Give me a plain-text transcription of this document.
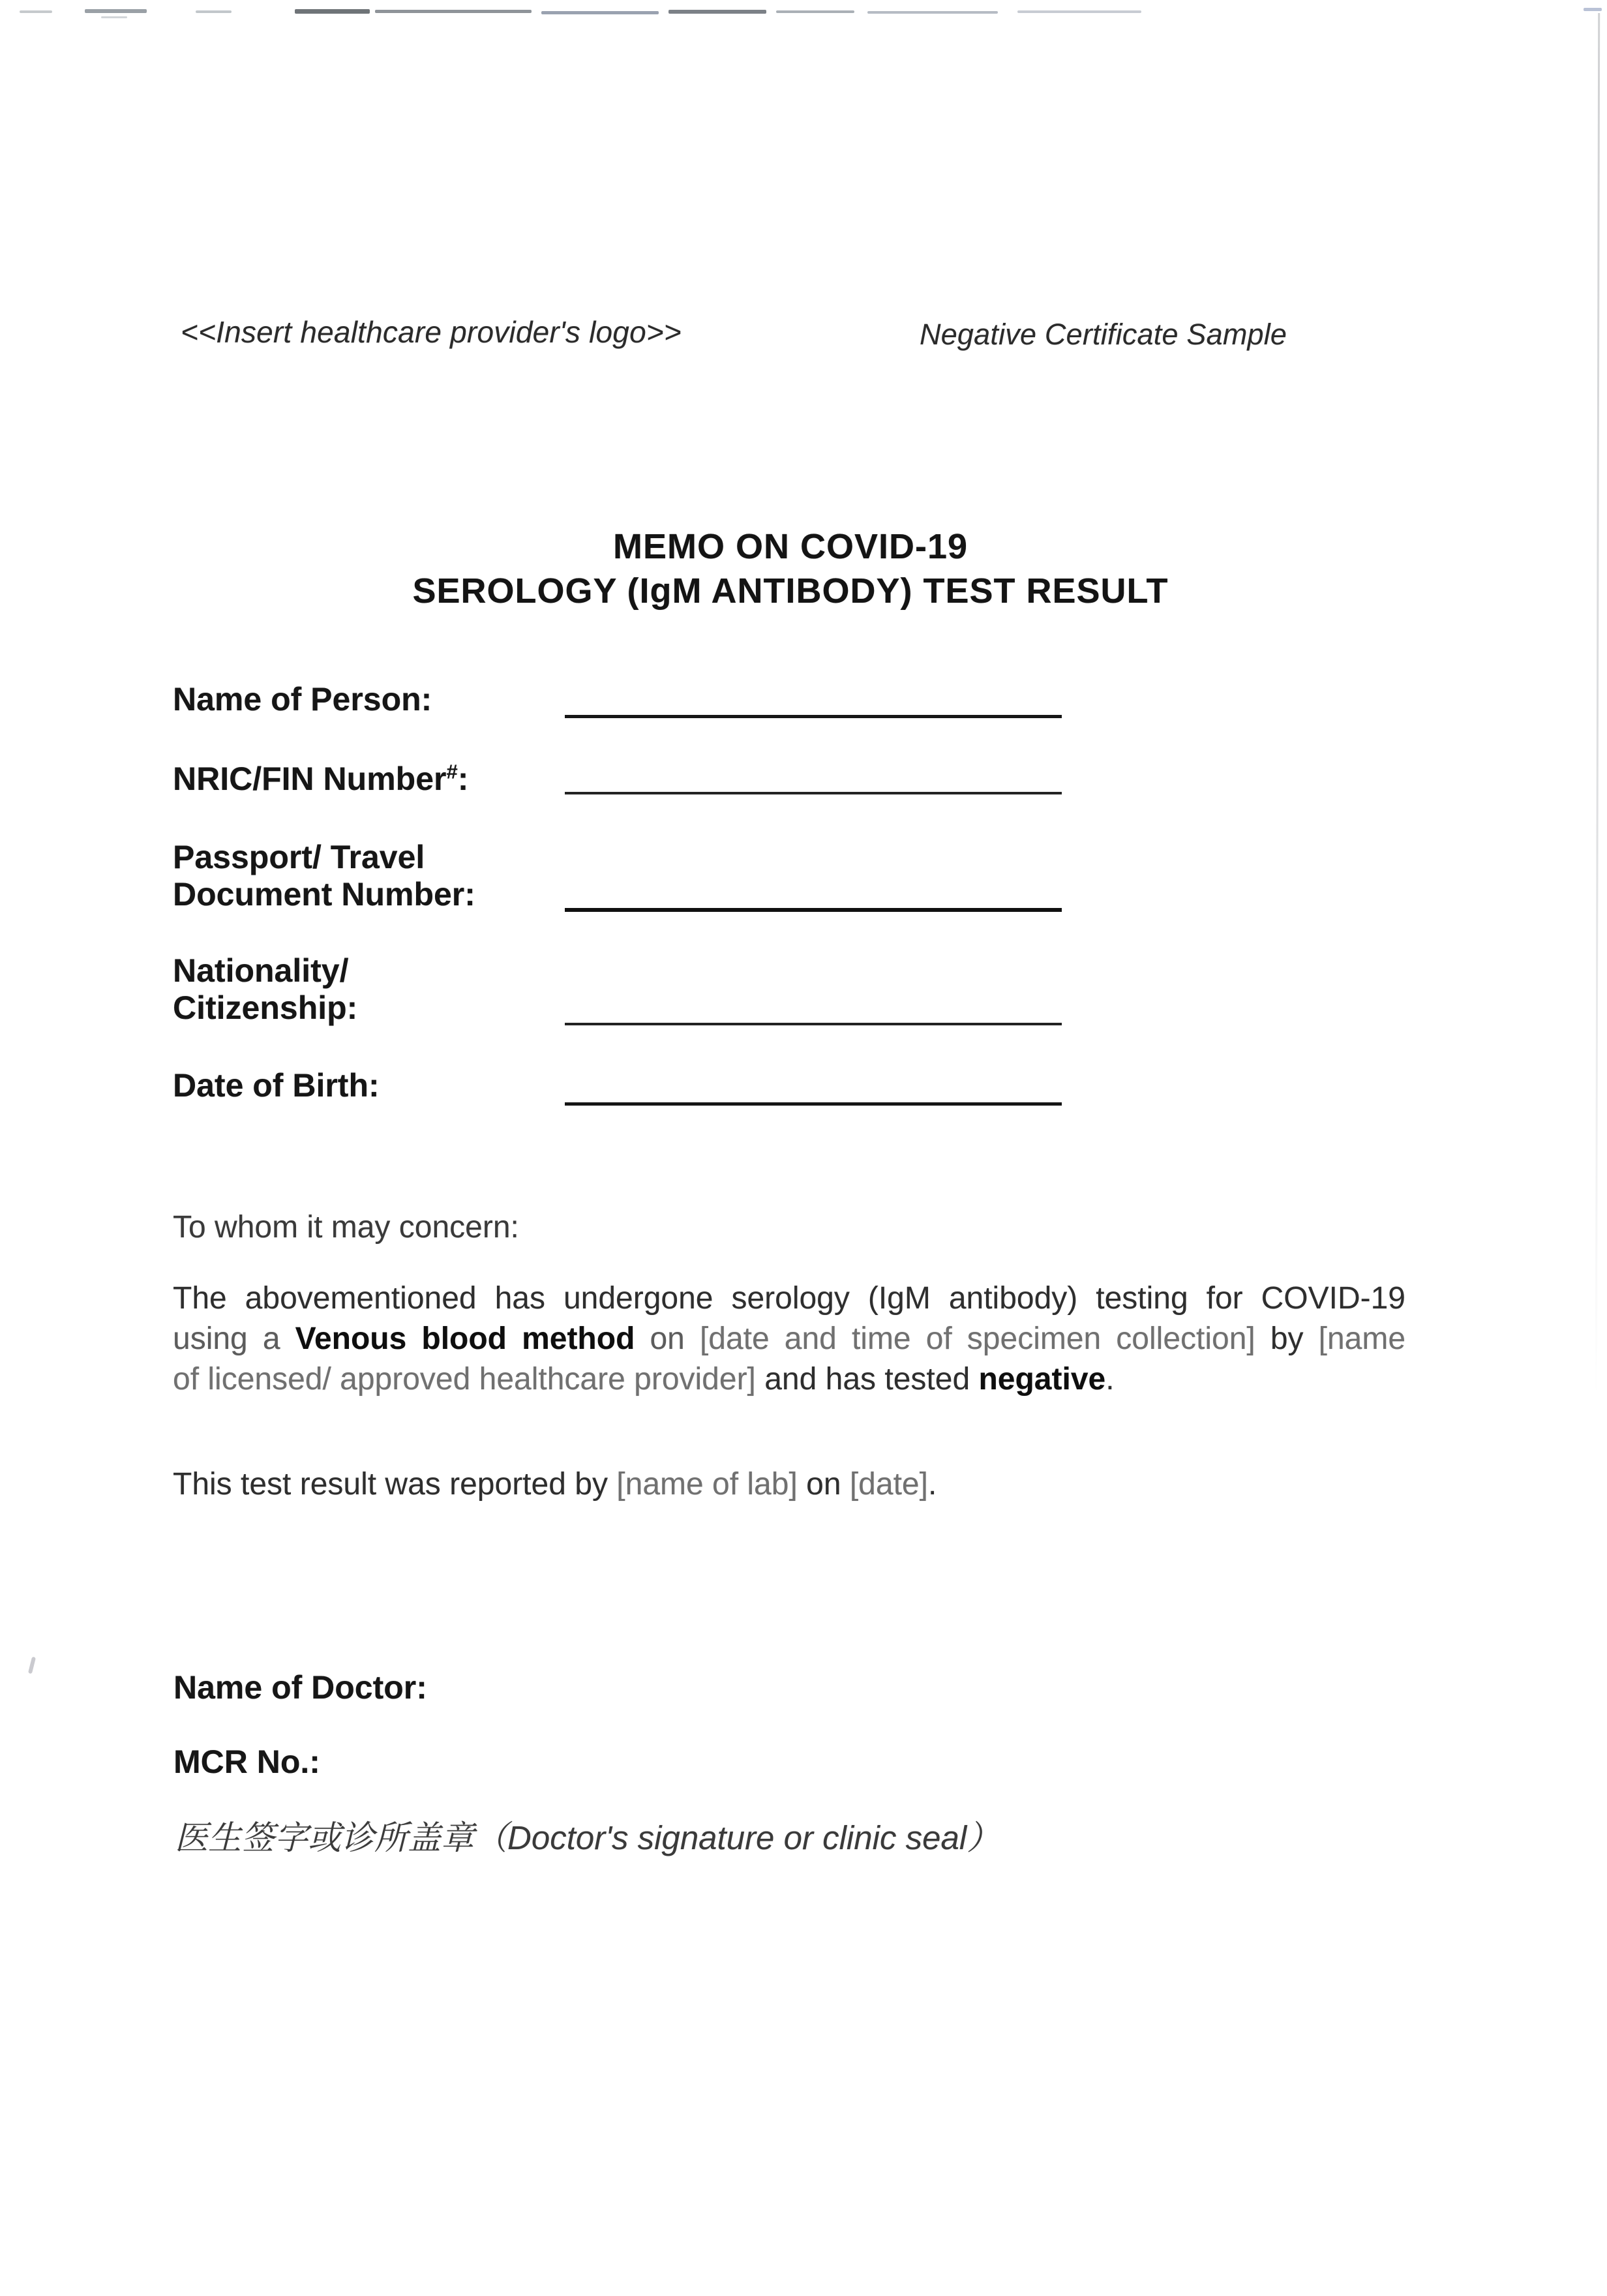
<<Insert healthcare provider's logo>>	Negative Certificate Sample
MEMO ON COVID-19
SEROLOGY (IgM ANTIBODY) TEST RESULT
Name of Person:
NRIC/FIN Number#:
Passport/ Travel
Document Number:
Nationality/
Citizenship:
Date of Birth:
To whom it may concern:
The abovementioned has undergone serology (IgM antibody) testing for COVID-19
using a Venous blood method on [date and time of specimen collection] by [name
of licensed/ approved healthcare provider] and has tested negative.
This test result was reported by [name of lab] on [date].
Name of Doctor:
MCR No.:
医生签字或诊所盖章（Doctor's signature or clinic seal）
